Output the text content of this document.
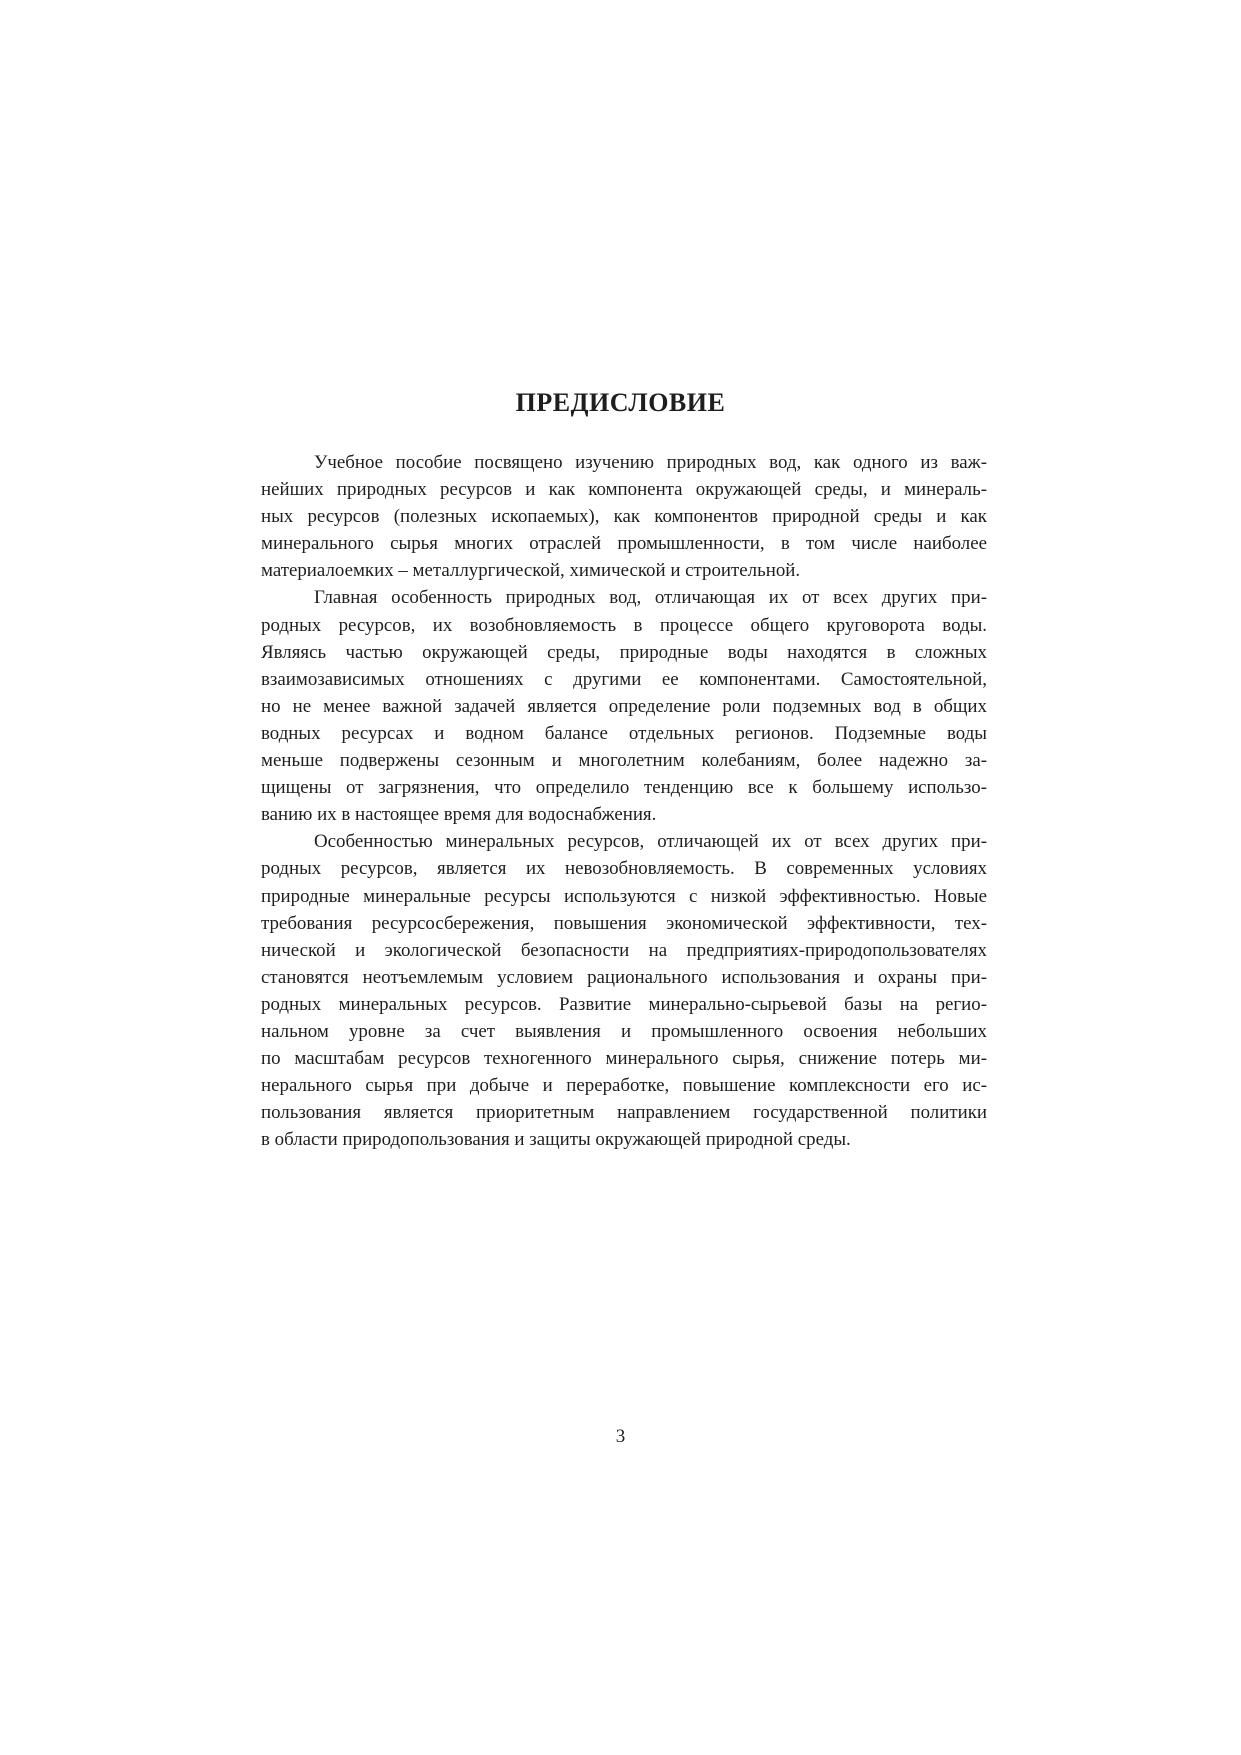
ПРЕДИСЛОВИЕ
Учебное пособие посвящено изучению природных вод, как одного из важ-
нейших природных ресурсов и как компонента окружающей среды, и минераль-
ных ресурсов (полезных ископаемых), как компонентов природной среды и как
минерального сырья многих отраслей промышленности, в том числе наиболее
материалоемких – металлургической, химической и строительной.
Главная особенность природных вод, отличающая их от всех других при-
родных ресурсов, их возобновляемость в процессе общего круговорота воды.
Являясь частью окружающей среды, природные воды находятся в сложных
взаимозависимых отношениях с другими ее компонентами. Самостоятельной,
но не менее важной задачей является определение роли подземных вод в общих
водных ресурсах и водном балансе отдельных регионов. Подземные воды
меньше подвержены сезонным и многолетним колебаниям, более надежно за-
щищены от загрязнения, что определило тенденцию все к большему использо-
ванию их в настоящее время для водоснабжения.
Особенностью минеральных ресурсов, отличающей их от всех других при-
родных ресурсов, является их невозобновляемость. В современных условиях
природные минеральные ресурсы используются с низкой эффективностью. Новые
требования ресурсосбережения, повышения экономической эффективности, тех-
нической и экологической безопасности на предприятиях-природопользователях
становятся неотъемлемым условием рационального использования и охраны при-
родных минеральных ресурсов. Развитие минерально-сырьевой базы на регио-
нальном уровне за счет выявления и промышленного освоения небольших
по масштабам ресурсов техногенного минерального сырья, снижение потерь ми-
нерального сырья при добыче и переработке, повышение комплексности его ис-
пользования является приоритетным направлением государственной политики
в области природопользования и защиты окружающей природной среды.
3
